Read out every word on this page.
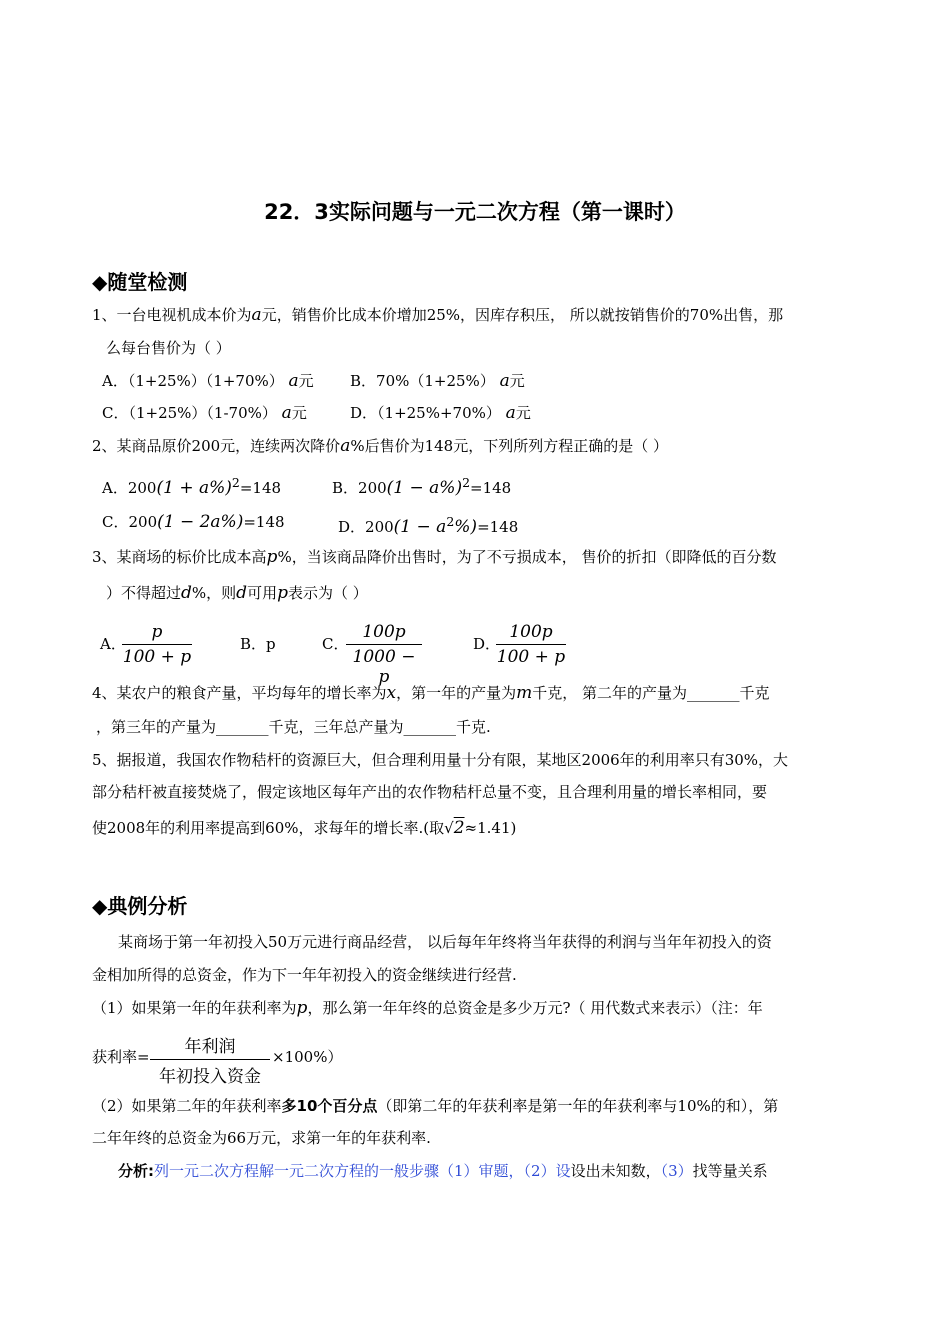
22．3实际问题与一元二次方程（第一课时）
◆随堂检测
1、一台电视机成本价为a元，销售价比成本价增加25%，因库存积压， 所以就按销售价的70%出售，那
么每台售价为（ ）
A．（1+25%）（1+70%） a元 B．70%（1+25%） a元
C．（1+25%）（1-70%） a元	D．（1+25%+70%） a元
2、某商品原价200元，连续两次降价a%后售价为148元，下列所列方程正确的是（ ）
A．$200(1 + a\%)^2=148$	B．$200(1 - a\%)^2=148$
C．200(1 − 2a%)=148	D．$200(1 - a^2\%)=148$
3、某商场的标价比成本高p%，当该商品降价出售时，为了不亏损成本， 售价的折扣（即降低的百分数
）不得超过d%，则d可用p表示为（ ）
A．
$\frac{p}{100 + p}$	B．p	C．
$\frac{100p}{1000 - p}$	D．
$\frac{100p}{100 + p}$
4、某农户的粮食产量，平均每年的增长率为x，第一年的产量为m千克， 第二年的产量为_______千克
，第三年的产量为_______千克，三年总产量为_______千克.
5、据报道，我国农作物秸杆的资源巨大，但合理利用量十分有限，某地区2006年的利用率只有30%，大
部分秸杆被直接焚烧了，假定该地区每年产出的农作物秸杆总量不变，且合理利用量的增长率相同，要
使2008年的利用率提高到60%，求每年的增长率.(取√2≈1.41)
◆典例分析
某商场于第一年初投入50万元进行商品经营， 以后每年年终将当年获得的利润与当年年初投入的资
金相加所得的总资金，作为下一年年初投入的资金继续进行经营.
（1）如果第一年的年获利率为p，那么第一年年终的总资金是多少万元?（ 用代数式来表示）（注：年
获利率=	年利润
年初投入资金
×100%）
（2）如果第二年的年获利率多10个百分点（即第二年的年获利率是第一年的年获利率与10%的和），第
二年年终的总资金为66万元，求第一年的年获利率.
分析:列一元二次方程解一元二次方程的一般步骤（1）审题，（2）设设出未知数，（3）找等量关系
